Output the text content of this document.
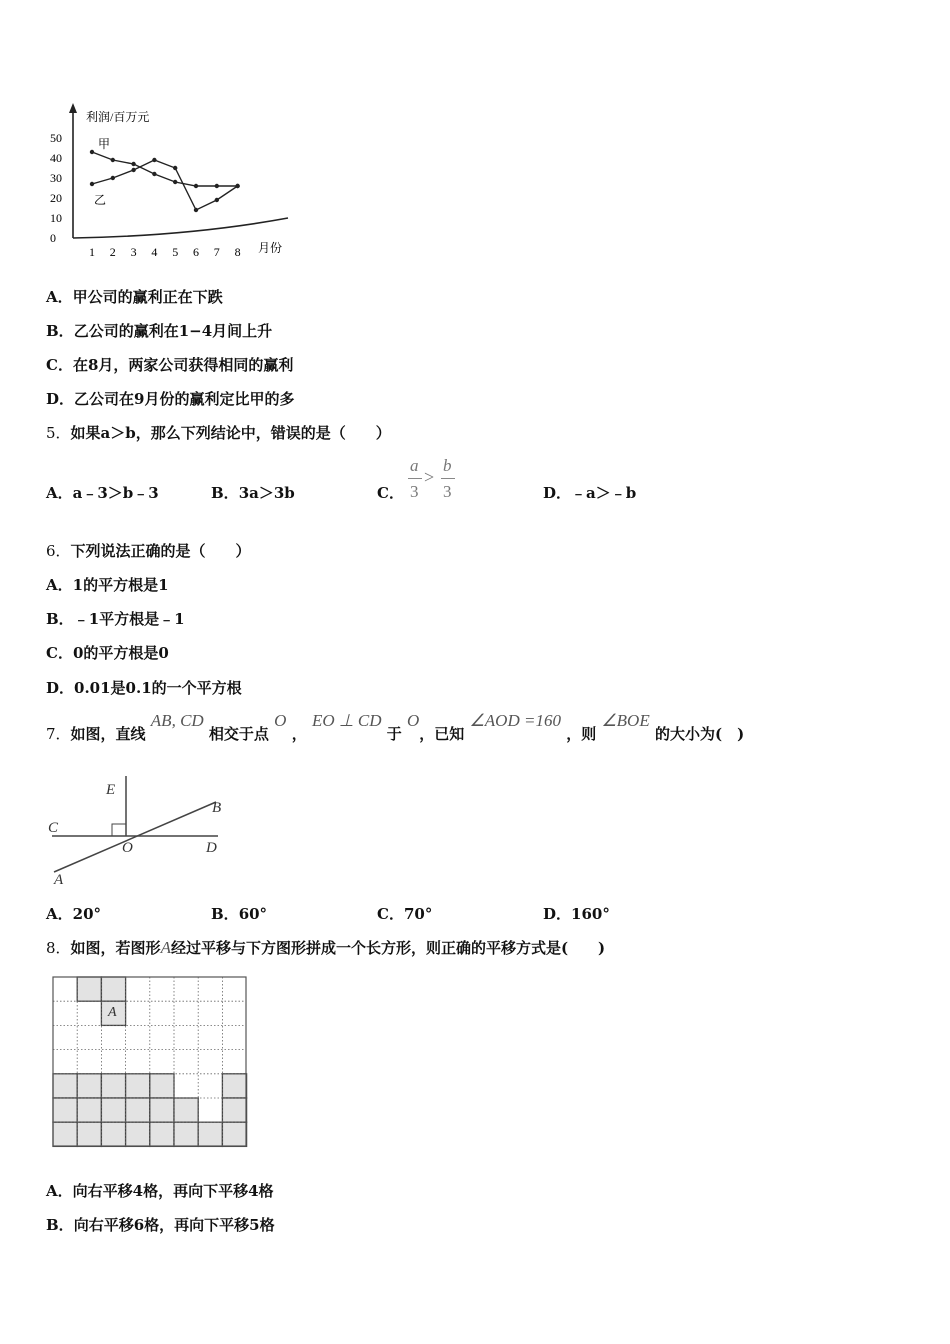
利润/百万元
月份
0
10
20
30
40
50
1 2 3 4 5 6 7 8
甲
乙
A．甲公司的赢利正在下跌
B．乙公司的赢利在1−4月间上升
C．在8月，两家公司获得相同的赢利
D．乙公司在9月份的赢利定比甲的多
5．如果a＞b，那么下列结论中，错误的是（　　）
A．a﹣3＞b﹣3	B．3a＞3b	C．
a
3
>
b
3	D．﹣a＞﹣b
6．下列说法正确的是（　　）
A．1的平方根是1
B．﹣1平方根是﹣1
C．0的平方根是0
D．0.01是0.1的一个平方根
7．如图，直线 AB, CD 相交于点 O ， EO ⊥ CD 于 O，已知 ∠AOD =160 ，则 ∠BOE 的大小为(　)
E
B
C
O	D
A
A．20°	B．60°	C．70°	D．160°
8．如图，若图形A经过平移与下方图形拼成一个长方形，则正确的平移方式是(　　)
A
A．向右平移4格，再向下平移4格
B．向右平移6格，再向下平移5格
